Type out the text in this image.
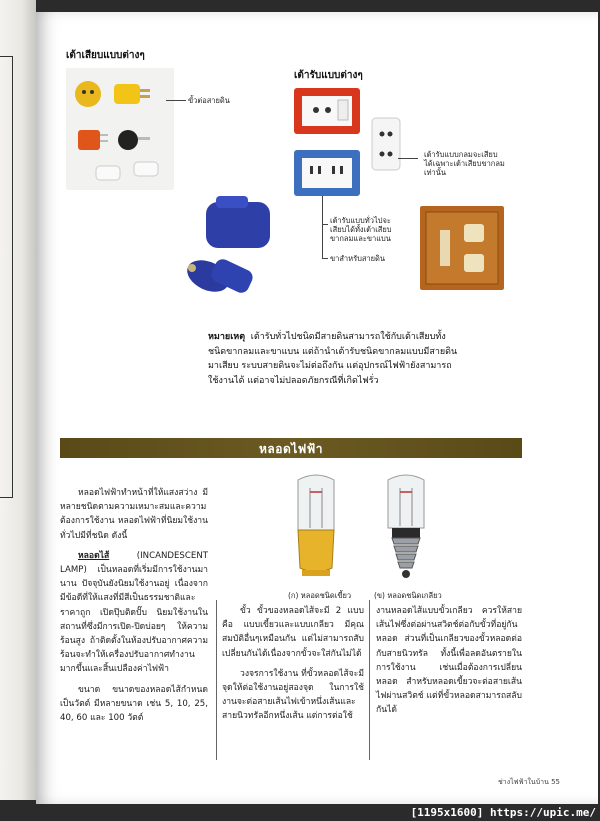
เต้าเสียบแบบต่างๆ
ขั้วต่อสายดิน
เต้ารับแบบต่างๆ
เต้ารับแบบกลมจะเสียบ
ได้เฉพาะเต้าเสียบขากลม
เท่านั้น
เต้ารับแบบทั่วไปจะ
เสียบได้ทั้งเต้าเสียบ
ขากลมและขาแบน
ขาสำหรับสายดิน
หมายเหตุ เต้ารับทั่วไปชนิดมีสายดินสามารถใช้กับเต้าเสียบทั้ง
ชนิดขากลมและขาแบน แต่ถ้านำเต้ารับชนิดขากลมแบบมีสายดิน
มาเสียบ ระบบสายดินจะไม่ต่อถึงกัน แต่อุปกรณ์ไฟฟ้ายังสามารถ
ใช้งานได้ แต่อาจไม่ปลอดภัยกรณีที่เกิดไฟรั่ว
หลอดไฟฟ้า

หลอดไฟฟ้าทำหน้าที่ให้แสงสว่าง มีหลายชนิดตามความเหมาะสมและความต้องการใช้งาน หลอดไฟฟ้าที่นิยมใช้งานทั่วไปมีที่ชนิด ดังนี้

หลอดไส้ (INCANDESCENT LAMP) เป็นหลอดที่เริ่มมีการใช้งานมานาน ปัจจุบันยังนิยมใช้งานอยู่ เนื่องจากมีข้อดีที่ให้แสงที่มีสีเป็นธรรมชาติและราคาถูก เปิดปุ๊บติดปั๊บ นิยมใช้งานในสถานที่ซึ่งมีการเปิด-ปิดบ่อยๆ ให้ความร้อนสูง ถ้าติดตั้งในห้องปรับอากาศความร้อนจะทำให้เครื่องปรับอากาศทำงานมากขึ้นและสิ้นเปลืองค่าไฟฟ้า

ขนาด ขนาดของหลอดไส้กำหนดเป็นวัตต์ มีหลายขนาด เช่น 5, 10, 25, 40, 60 และ 100 วัตต์

(ก) หลอดชนิดเขี้ยว	(ข) หลอดชนิดเกลียว

ขั้ว ขั้วของหลอดไส้จะมี 2 แบบ คือ แบบเขี้ยวและแบบเกลียว มีคุณสมบัติอื่นๆเหมือนกัน แต่ไม่สามารถสับเปลี่ยนกันได้เนื่องจากขั้วจะใส่กันไม่ได้

วงจรการใช้งาน ที่ขั้วหลอดไส้จะมีจุดให้ต่อใช้งานอยู่สองจุด ในการใช้งานจะต่อสายเส้นไฟเข้าหนึ่งเส้นและสายนิวทรัลอีกหนึ่งเส้น แต่การต่อใช้

งานหลอดไส้แบบขั้วเกลียว ควรให้สายเส้นไฟซึ่งต่อผ่านสวิตช์ต่อกับขั้วที่อยู่กันหลอด ส่วนที่เป็นเกลียวของขั้วหลอดต่อกับสายนิวทรัล ทั้งนี้เพื่อลดอันตรายในการใช้งาน เช่นเมื่อต้องการเปลี่ยนหลอด สำหรับหลอดเขี้ยวจะต่อสายเส้นไฟผ่านสวิตช์ แต่ที่ขั้วหลอดสามารถสลับกันได้

ช่างไฟฟ้าในบ้าน 55
[1195x1600] https://upic.me/
